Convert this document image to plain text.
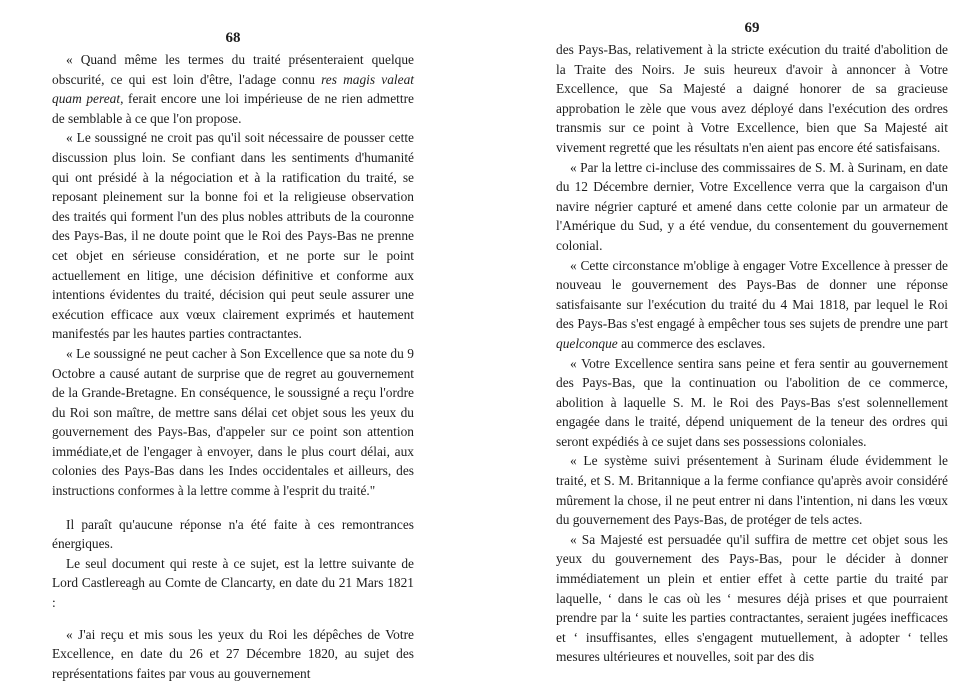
68

« Quand même les termes du traité présenteraient quelque obscurité, ce qui est loin d'être, l'adage connu res magis valeat quam pereat, ferait encore une loi impérieuse de ne rien admettre de semblable à ce que l'on propose.

« Le soussigné ne croit pas qu'il soit nécessaire de pousser cette discussion plus loin. Se confiant dans les sentiments d'humanité qui ont présidé à la négociation et à la ratification du traité, se reposant pleinement sur la bonne foi et la religieuse observation des traités qui forment l'un des plus nobles attributs de la couronne des Pays-Bas, il ne doute point que le Roi des Pays-Bas ne prenne cet objet en sérieuse considération, et ne porte sur le point actuellement en litige, une décision définitive et conforme aux intentions évidentes du traité, décision qui peut seule assurer une exécution efficace aux vœux clairement exprimés et hautement manifestés par les hautes parties contractantes.

« Le soussigné ne peut cacher à Son Excellence que sa note du 9 Octobre a causé autant de surprise que de regret au gouvernement de la Grande-Bretagne. En conséquence, le soussigné a reçu l'ordre du Roi son maître, de mettre sans délai cet objet sous les yeux du gouvernement des Pays-Bas, d'appeler sur ce point son attention immédiate,et de l'engager à envoyer, dans le plus court délai, aux colonies des Pays-Bas dans les Indes occidentales et ailleurs, des instructions conformes à la lettre comme à l'esprit du traité."

Il paraît qu'aucune réponse n'a été faite à ces remontrances énergiques.

Le seul document qui reste à ce sujet, est la lettre suivante de Lord Castlereagh au Comte de Clancarty, en date du 21 Mars 1821 :

« J'ai reçu et mis sous les yeux du Roi les dépêches de Votre Excellence, en date du 26 et 27 Décembre 1820, au sujet des représentations faites par vous au gouvernement

69

des Pays-Bas, relativement à la stricte exécution du traité d'abolition de la Traite des Noirs. Je suis heureux d'avoir à annoncer à Votre Excellence, que Sa Majesté a daigné honorer de sa gracieuse approbation le zèle que vous avez déployé dans l'exécution des ordres transmis sur ce point à Votre Excellence, bien que Sa Majesté ait vivement regretté que les résultats n'en aient pas encore été satisfaisans.

« Par la lettre ci-incluse des commissaires de S. M. à Surinam, en date du 12 Décembre dernier, Votre Excellence verra que la cargaison d'un navire négrier capturé et amené dans cette colonie par un armateur de l'Amérique du Sud, y a été vendue, du consentement du gouvernement colonial.

« Cette circonstance m'oblige à engager Votre Excellence à presser de nouveau le gouvernement des Pays-Bas de donner une réponse satisfaisante sur l'exécution du traité du 4 Mai 1818, par lequel le Roi des Pays-Bas s'est engagé à empêcher tous ses sujets de prendre une part quelconque au commerce des esclaves.

« Votre Excellence sentira sans peine et fera sentir au gouvernement des Pays-Bas, que la continuation ou l'abolition de ce commerce, abolition à laquelle S. M. le Roi des Pays-Bas s'est solennellement engagée dans le traité, dépend uniquement de la teneur des ordres qui seront expédiés à ce sujet dans ses possessions coloniales.

« Le système suivi présentement à Surinam élude évidemment le traité, et S. M. Britannique a la ferme confiance qu'après avoir considéré mûrement la chose, il ne peut entrer ni dans l'intention, ni dans les vœux du gouvernement des Pays-Bas, de protéger de tels actes.

« Sa Majesté est persuadée qu'il suffira de mettre cet objet sous les yeux du gouvernement des Pays-Bas, pour le décider à donner immédiatement un plein et entier effet à cette partie du traité par laquelle, ‘ dans le cas où les ‘ mesures déjà prises et que pourraient prendre par la ‘ suite les parties contractantes, seraient jugées inefficaces et ‘ insuffisantes, elles s'engagent mutuellement, à adopter ‘ telles mesures ultérieures et nouvelles, soit par des dis
